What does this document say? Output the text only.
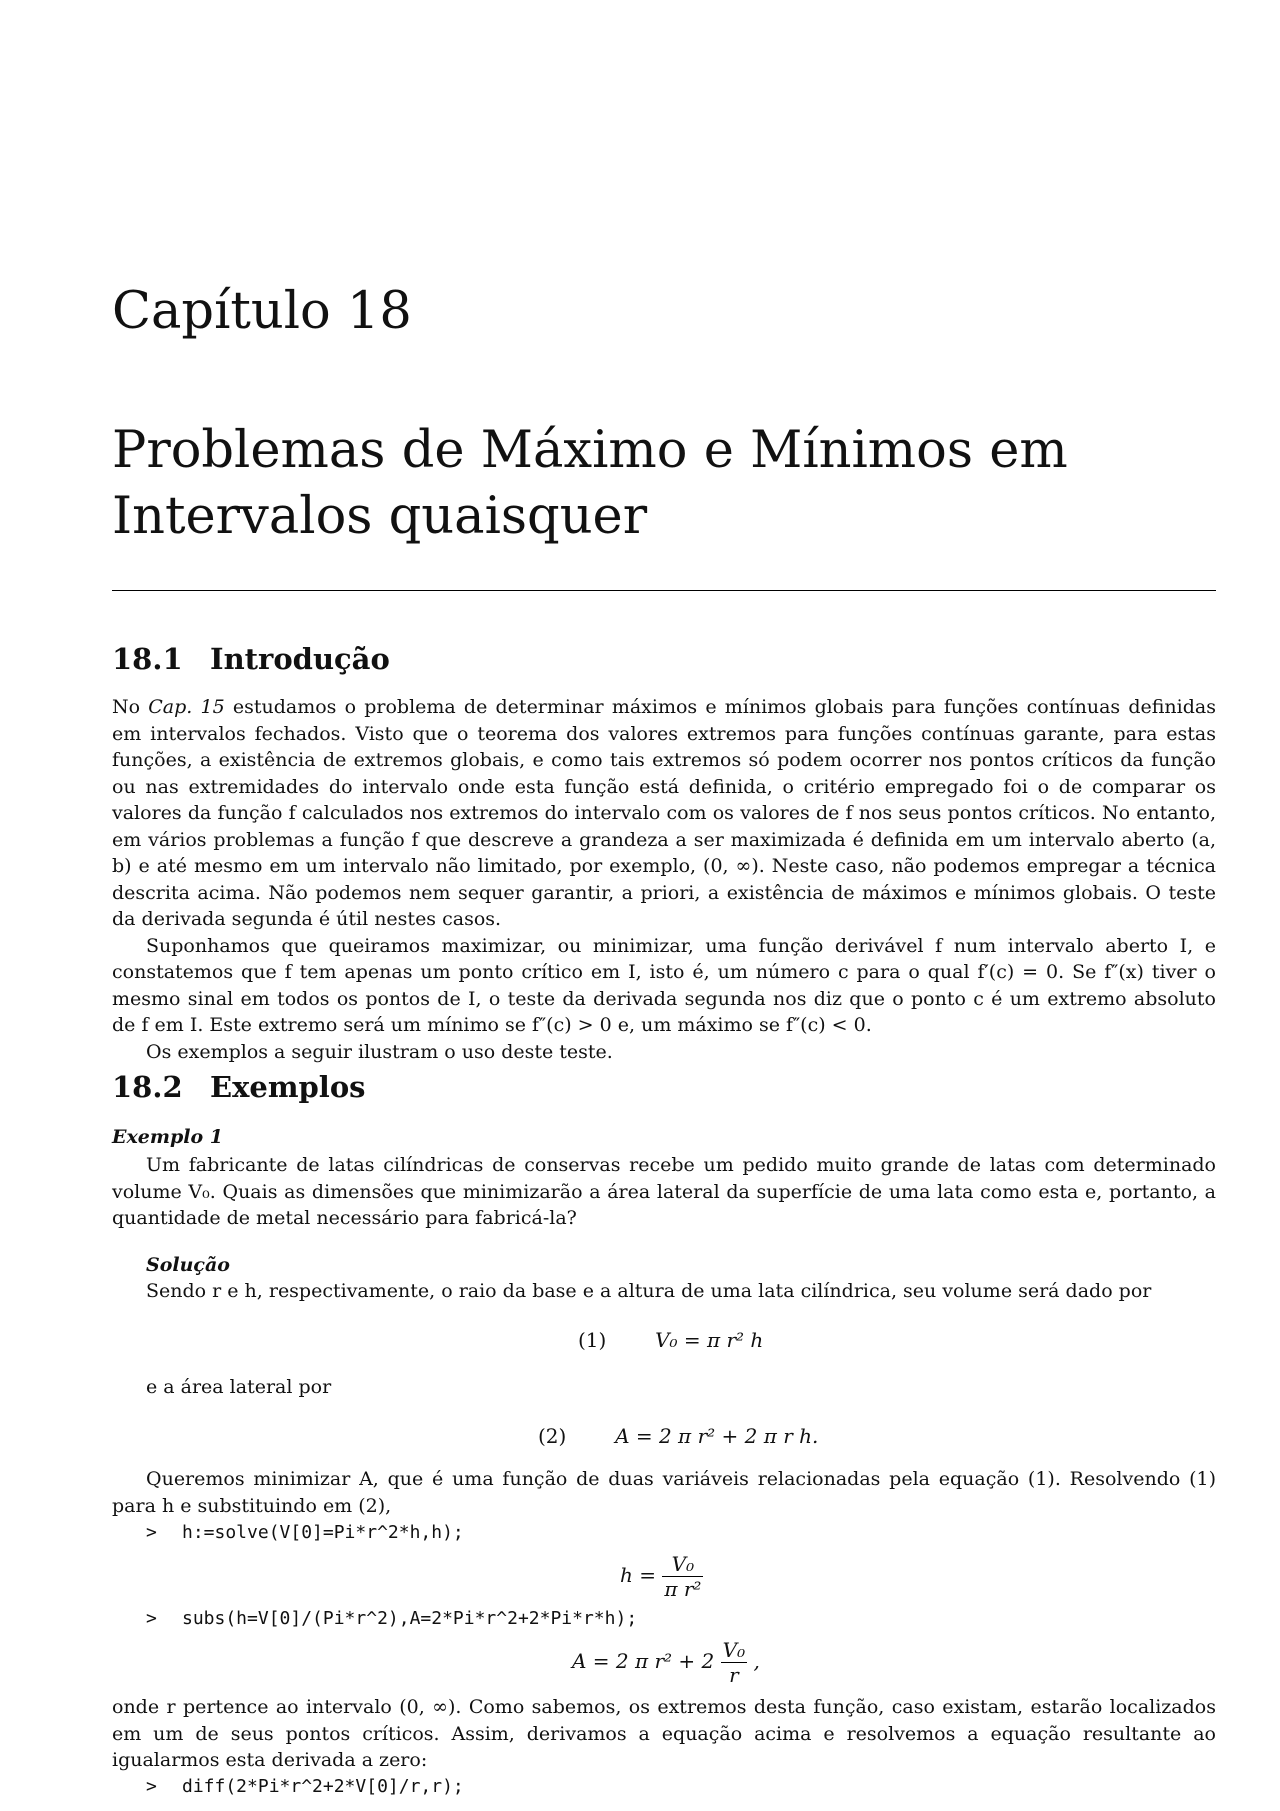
Capítulo 18
Problemas de Máximo e Mínimos em
Intervalos quaisquer
18.1 Introdução

No Cap. 15 estudamos o problema de determinar máximos e mínimos globais para funções contínuas definidas em intervalos fechados. Visto que o teorema dos valores extremos para funções contínuas garante, para estas funções, a existência de extremos globais, e como tais extremos só podem ocorrer nos pontos críticos da função ou nas extremidades do intervalo onde esta função está definida, o critério empregado foi o de comparar os valores da função f calculados nos extremos do intervalo com os valores de f nos seus pontos críticos. No entanto, em vários problemas a função f que descreve a grandeza a ser maximizada é definida em um intervalo aberto (a, b) e até mesmo em um intervalo não limitado, por exemplo, (0, ∞). Neste caso, não podemos empregar a técnica descrita acima. Não podemos nem sequer garantir, a priori, a existência de máximos e mínimos globais. O teste da derivada segunda é útil nestes casos.

Suponhamos que queiramos maximizar, ou minimizar, uma função derivável f num intervalo aberto I, e constatemos que f tem apenas um ponto crítico em I, isto é, um número c para o qual f′(c) = 0. Se f″(x) tiver o mesmo sinal em todos os pontos de I, o teste da derivada segunda nos diz que o ponto c é um extremo absoluto de f em I. Este extremo será um mínimo se f″(c) > 0 e, um máximo se f″(c) < 0.

Os exemplos a seguir ilustram o uso deste teste.

18.2 Exemplos
Exemplo 1
Um fabricante de latas cilíndricas de conservas recebe um pedido muito grande de latas com determinado volume V₀. Quais as dimensões que minimizarão a área lateral da superfície de uma lata como esta e, portanto, a quantidade de metal necessário para fabricá-la?
Solução
Sendo r e h, respectivamente, o raio da base e a altura de uma lata cilíndrica, seu volume será dado por
(1) V₀ = π r² h
e a área lateral por
(2) A = 2 π r² + 2 π r h.
Queremos minimizar A, que é uma função de duas variáveis relacionadas pela equação (1). Resolvendo (1) para h e substituindo em (2),
> h:=solve(V[0]=Pi*r^2*h,h);
$h = \frac{\text{V₀}}{\text{π r²}}$
> subs(h=V[0]/(Pi*r^2),A=2*Pi*r^2+2*Pi*r*h);
A = 2 π $r^2 + 2 \frac{\text{V₀}}{r}$ ,
onde r pertence ao intervalo (0, ∞). Como sabemos, os extremos desta função, caso existam, estarão localizados em um de seus pontos críticos. Assim, derivamos a equação acima e resolvemos a equação resultante ao igualarmos esta derivada a zero:
> diff(2*Pi*r^2+2*V[0]/r,r);
